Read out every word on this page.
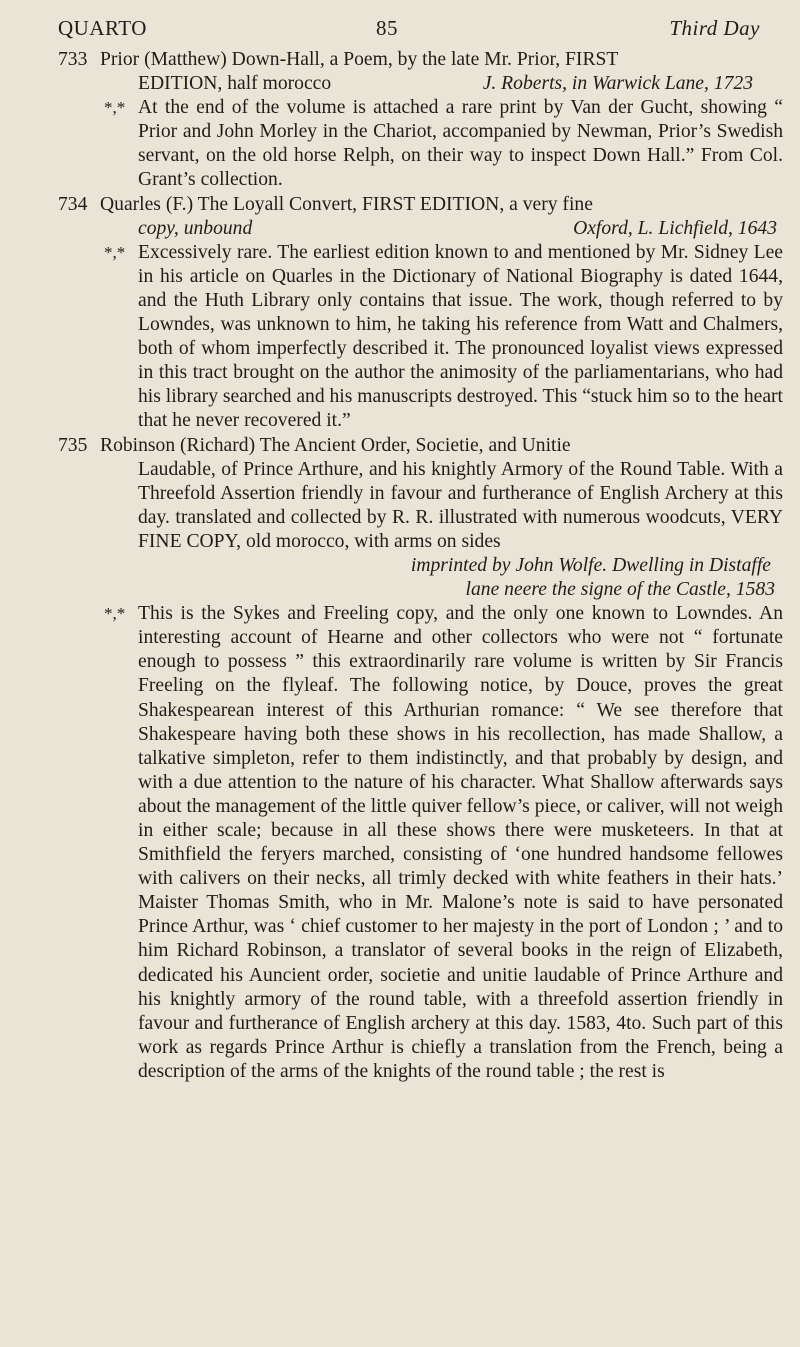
QUARTO	85	Third Day
733 Prior (Matthew) Down-Hall, a Poem, by the late Mr. Prior, FIRST
EDITION, half morocco	J. Roberts, in Warwick Lane, 1723
*,* At the end of the volume is attached a rare print by Van der Gucht, showing “ Prior and John Morley in the Chariot, accompanied by Newman, Prior’s Swedish servant, on the old horse Relph, on their way to inspect Down Hall.” From Col. Grant’s collection.
734 Quarles (F.) The Loyall Convert, FIRST EDITION, a very fine
copy, unbound	Oxford, L. Lichfield, 1643
*,* Excessively rare. The earliest edition known to and mentioned by Mr. Sidney Lee in his article on Quarles in the Dictionary of National Biography is dated 1644, and the Huth Library only contains that issue. The work, though referred to by Lowndes, was unknown to him, he taking his reference from Watt and Chalmers, both of whom imperfectly described it. The pronounced loyalist views expressed in this tract brought on the author the animosity of the parliamentarians, who had his library searched and his manuscripts destroyed. This “stuck him so to the heart that he never recovered it.”
735 Robinson (Richard) The Ancient Order, Societie, and Unitie
Laudable, of Prince Arthure, and his knightly Armory of the Round Table. With a Threefold Assertion friendly in favour and furtherance of English Archery at this day. translated and collected by R. R. illustrated with numerous woodcuts, VERY FINE COPY, old morocco, with arms on sides
imprinted by John Wolfe. Dwelling in Distaffe
lane neere the signe of the Castle, 1583
*,* This is the Sykes and Freeling copy, and the only one known to Lowndes. An interesting account of Hearne and other collectors who were not “ fortunate enough to possess ” this extraordinarily rare volume is written by Sir Francis Freeling on the flyleaf. The following notice, by Douce, proves the great Shakespearean interest of this Arthurian romance: “ We see therefore that Shakespeare having both these shows in his recollection, has made Shallow, a talkative simpleton, refer to them indistinctly, and that probably by design, and with a due attention to the nature of his character. What Shallow afterwards says about the management of the little quiver fellow’s piece, or caliver, will not weigh in either scale; because in all these shows there were musketeers. In that at Smithfield the feryers marched, consisting of ‘one hundred handsome fellowes with calivers on their necks, all trimly decked with white feathers in their hats.’ Maister Thomas Smith, who in Mr. Malone’s note is said to have personated Prince Arthur, was ‘ chief customer to her majesty in the port of London ; ’ and to him Richard Robinson, a translator of several books in the reign of Elizabeth, dedicated his Auncient order, societie and unitie laudable of Prince Arthure and his knightly armory of the round table, with a threefold assertion friendly in favour and furtherance of English archery at this day. 1583, 4to. Such part of this work as regards Prince Arthur is chiefly a translation from the French, being a description of the arms of the knights of the round table ; the rest is
